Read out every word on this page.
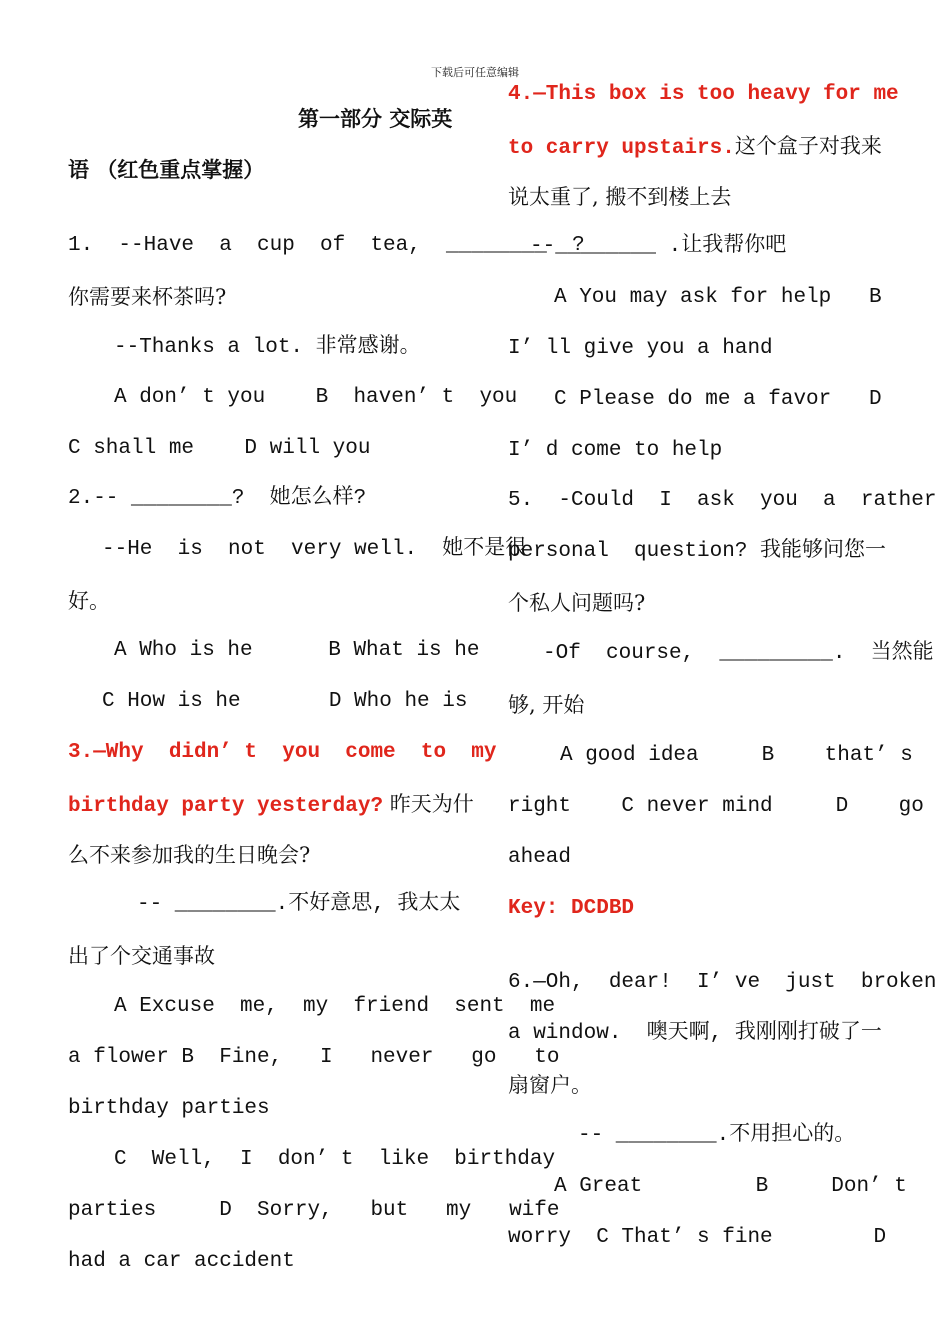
下载后可任意编辑
第一部分 交际英
语 （红色重点掌握）
1.  --Have  a  cup  of  tea,  ________  ?
你需要来杯茶吗?
--Thanks a lot. 非常感谢。
A don’ t you    B  haven’ t  you
C shall me    D will you
2.-- ________?  她怎么样?
--He  is  not  very well.  她不是很
好。
A Who is he      B What is he
C How is he       D Who he is
3.—Why  didn’ t  you  come  to  my
birthday party yesterday? 昨天为什
么不来参加我的生日晚会?
-- ________.不好意思, 我太太
出了个交通事故
A Excuse  me,  my  friend  sent  me
a flower B  Fine,   I   never   go   to
birthday parties
C  Well,  I  don’ t  like  birthday
parties     D  Sorry,   but   my   wife
had a car accident
4.—This box is too heavy for me
to carry upstairs.这个盒子对我来
说太重了, 搬不到楼上去
--________ .让我帮你吧
A You may ask for help   B
I’ ll give you a hand
C Please do me a favor   D
I’ d come to help
5.  -Could  I  ask  you  a  rather
personal  question? 我能够问您一
个私人问题吗?
-Of  course,  _________.  当然能
够, 开始
A good idea     B    that’ s
right    C never mind     D    go
ahead
Key: DCDBD
6.—Oh,  dear!  I’ ve  just  broken
a window.  噢天啊, 我刚刚打破了一
扇窗户。
-- ________.不用担心的。
A Great         B     Don’ t
worry  C That’ s fine        D
